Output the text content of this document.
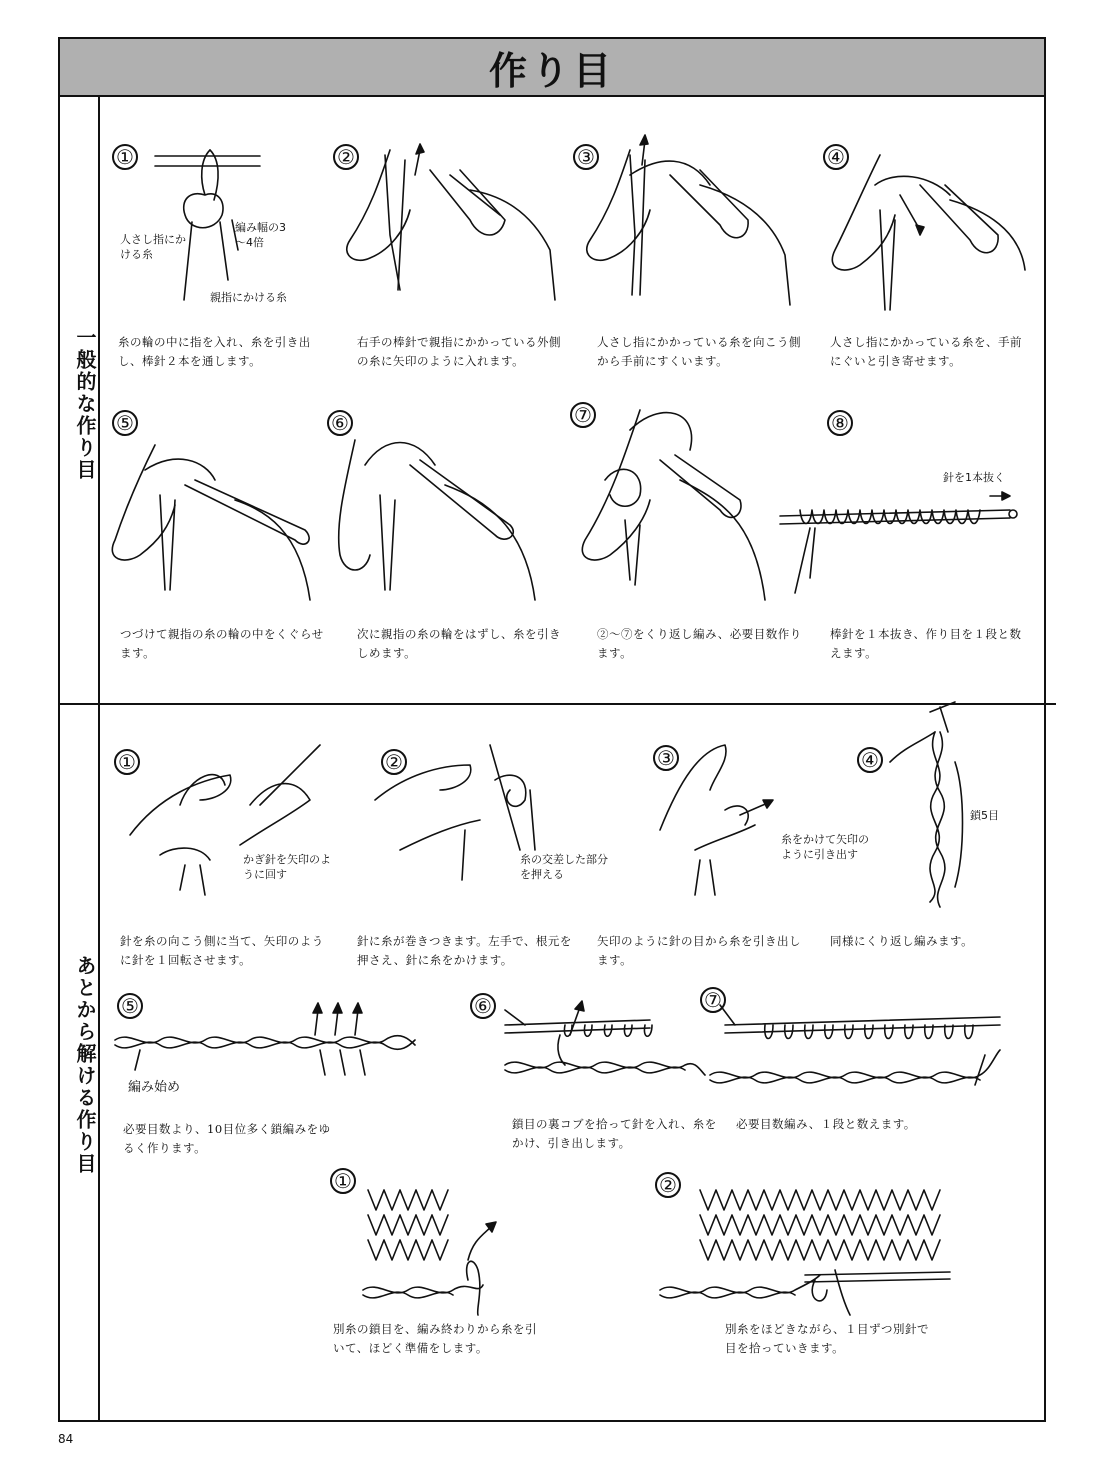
作り目
一般的な作り目
あとから解ける作り目
①
人さし指にかける糸
編み幅の3～4倍
親指にかける糸
糸の輪の中に指を入れ、糸を引き出し、棒針２本を通します。
②
右手の棒針で親指にかかっている外側の糸に矢印のように入れます。
③
人さし指にかかっている糸を向こう側から手前にすくいます。
④
人さし指にかかっている糸を、手前にぐいと引き寄せます。
⑤
つづけて親指の糸の輪の中をくぐらせます。
⑥
次に親指の糸の輪をはずし、糸を引きしめます。
⑦
②～⑦をくり返し編み、必要目数作ります。
⑧
針を1本抜く
棒針を１本抜き、作り目を１段と数えます。
①
かぎ針を矢印のように回す
針を糸の向こう側に当て、矢印のように針を１回転させます。
②
糸の交差した部分を押える
針に糸が巻きつきます。左手で、根元を押さえ、針に糸をかけます。
③
糸をかけて矢印のように引き出す
矢印のように針の目から糸を引き出します。
④
鎖5目
同様にくり返し編みます。
⑤
編み始め
必要目数より、10目位多く鎖編みをゆるく作ります。
⑥
鎖目の裏コブを拾って針を入れ、糸をかけ、引き出します。
⑦
必要目数編み、１段と数えます。
①
別糸の鎖目を、編み終わりから糸を引いて、ほどく準備をします。
②
別糸をほどきながら、１目ずつ別針で目を拾っていきます。
84
